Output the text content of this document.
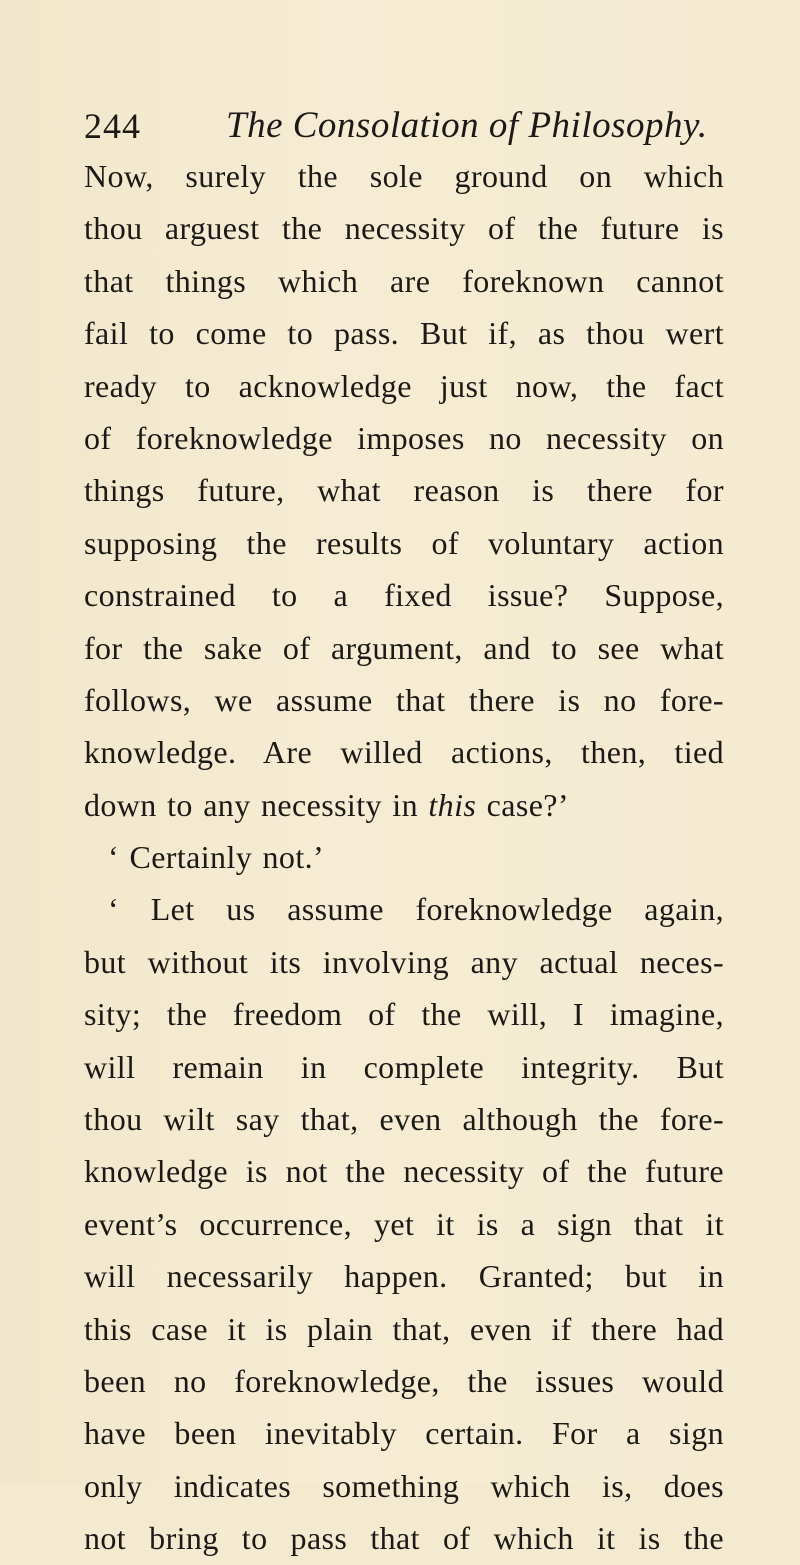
244 The Consolation of Philosophy.
Now, surely the sole ground on which
thou arguest the necessity of the future is
that things which are foreknown cannot
fail to come to pass. But if, as thou wert
ready to acknowledge just now, the fact
of foreknowledge imposes no necessity on
things future, what reason is there for
supposing the results of voluntary action
constrained to a fixed issue? Suppose,
for the sake of argument, and to see what
follows, we assume that there is no fore-
knowledge. Are willed actions, then, tied
down to any necessity in this case?’
‘ Certainly not.’
‘ Let us assume foreknowledge again,
but without its involving any actual neces-
sity; the freedom of the will, I imagine,
will remain in complete integrity. But
thou wilt say that, even although the fore-
knowledge is not the necessity of the future
event’s occurrence, yet it is a sign that it
will necessarily happen. Granted; but in
this case it is plain that, even if there had
been no foreknowledge, the issues would
have been inevitably certain. For a sign
only indicates something which is, does
not bring to pass that of which it is the
